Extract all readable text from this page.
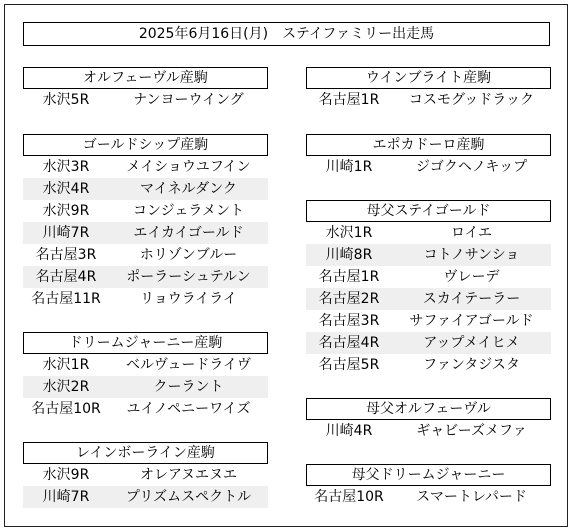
2025年6月16日(月)　ステイファミリー出走馬
オルフェーヴル産駒
水沢5R	ナンヨーウイング
ゴールドシップ産駒
水沢3R	メイショウユフイン
水沢4R	マイネルダンク
水沢9R	コンジェラメント
川崎7R	エイカイゴールド
名古屋3R	ホリゾンブルー
名古屋4R	ポーラーシュテルン
名古屋11R	リョウライライ
ドリームジャーニー産駒
水沢1R	ベルヴュードライヴ
水沢2R	クーラント
名古屋10R	ユイノペニーワイズ
レインボーライン産駒
水沢9R	オレアヌエヌエ
川崎7R	プリズムスペクトル
ウインブライト産駒
名古屋1R	コスモグッドラック
エポカドーロ産駒
川崎1R	ジゴクヘノキップ
母父ステイゴールド
水沢1R	ロイエ
川崎8R	コトノサンショ
名古屋1R	ヴレーデ
名古屋2R	スカイテーラー
名古屋3R	サファイアゴールド
名古屋4R	アップメイヒメ
名古屋5R	ファンタジスタ
母父オルフェーヴル
川崎4R	ギャビーズメファ
母父ドリームジャーニー
名古屋10R	スマートレパード
